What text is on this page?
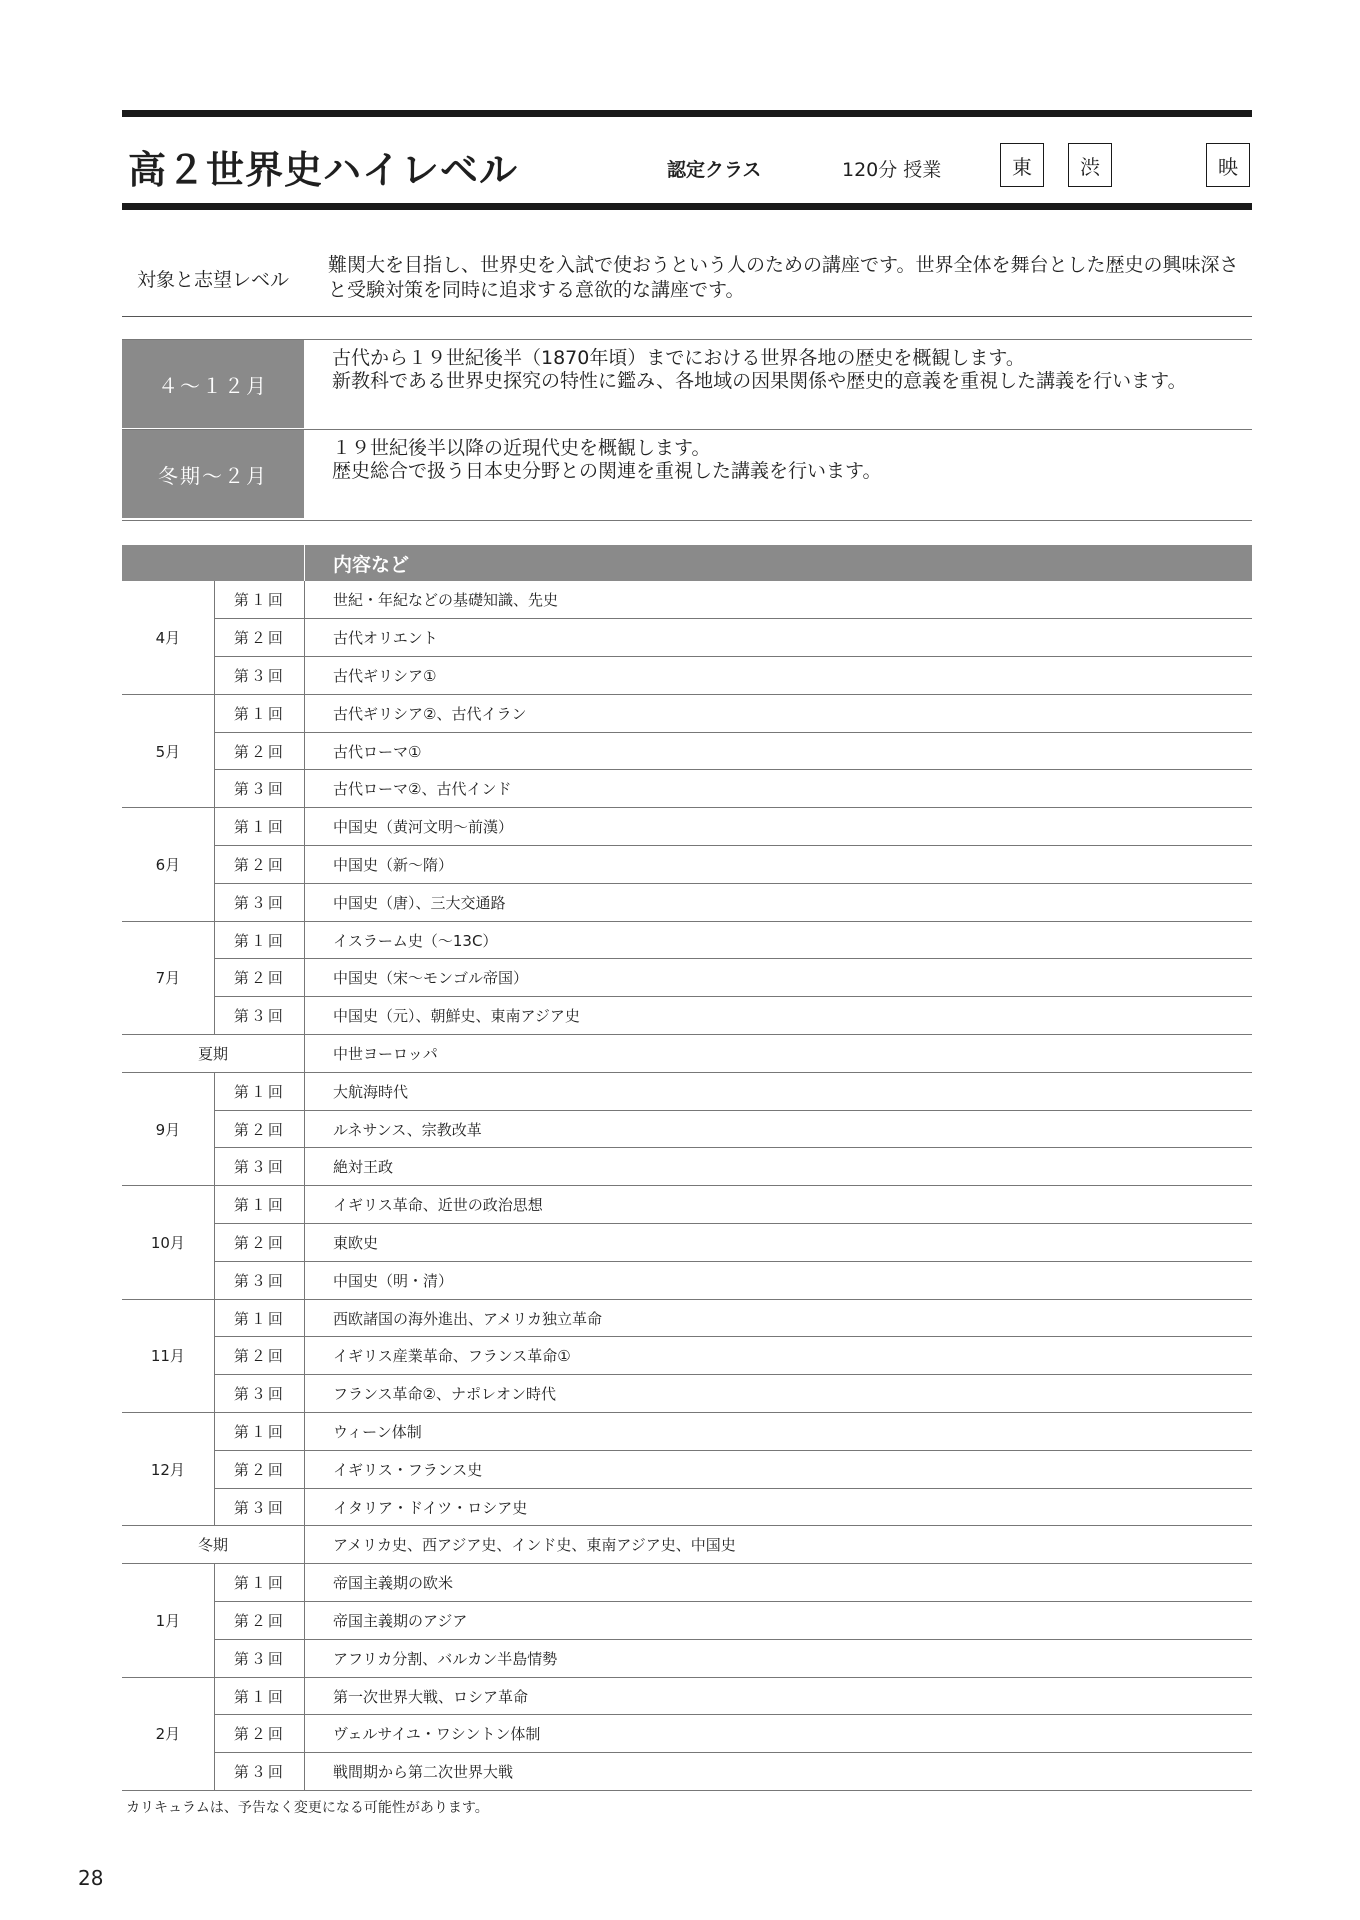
高２世界史ハイレベル	認定クラス	120分 授業	東	渋	映
対象と志望レベル
難関大を目指し、世界史を入試で使おうという人のための講座です。世界全体を舞台とした歴史の興味深さと受験対策を同時に追求する意欲的な講座です。
４～１２月
古代から１９世紀後半（1870年頃）までにおける世界各地の歴史を概観します。
新教科である世界史探究の特性に鑑み、各地域の因果関係や歴史的意義を重視した講義を行います。
冬期～２月
１９世紀後半以降の近現代史を概観します。
歴史総合で扱う日本史分野との関連を重視した講義を行います。
		内容など
4月	第１回	世紀・年紀などの基礎知識、先史
	第２回	古代オリエント
	第３回	古代ギリシア①
5月	第１回	古代ギリシア②、古代イラン
	第２回	古代ローマ①
	第３回	古代ローマ②、古代インド
6月	第１回	中国史（黄河文明～前漢）
	第２回	中国史（新～隋）
	第３回	中国史（唐）、三大交通路
7月	第１回	イスラーム史（～13C）
	第２回	中国史（宋～モンゴル帝国）
	第３回	中国史（元）、朝鮮史、東南アジア史
夏期		中世ヨーロッパ
9月	第１回	大航海時代
	第２回	ルネサンス、宗教改革
	第３回	絶対王政
10月	第１回	イギリス革命、近世の政治思想
	第２回	東欧史
	第３回	中国史（明・清）
11月	第１回	西欧諸国の海外進出、アメリカ独立革命
	第２回	イギリス産業革命、フランス革命①
	第３回	フランス革命②、ナポレオン時代
12月	第１回	ウィーン体制
	第２回	イギリス・フランス史
	第３回	イタリア・ドイツ・ロシア史
冬期		アメリカ史、西アジア史、インド史、東南アジア史、中国史
1月	第１回	帝国主義期の欧米
	第２回	帝国主義期のアジア
	第３回	アフリカ分割、バルカン半島情勢
2月	第１回	第一次世界大戦、ロシア革命
	第２回	ヴェルサイユ・ワシントン体制
	第３回	戦間期から第二次世界大戦
カリキュラムは、予告なく変更になる可能性があります。
28
